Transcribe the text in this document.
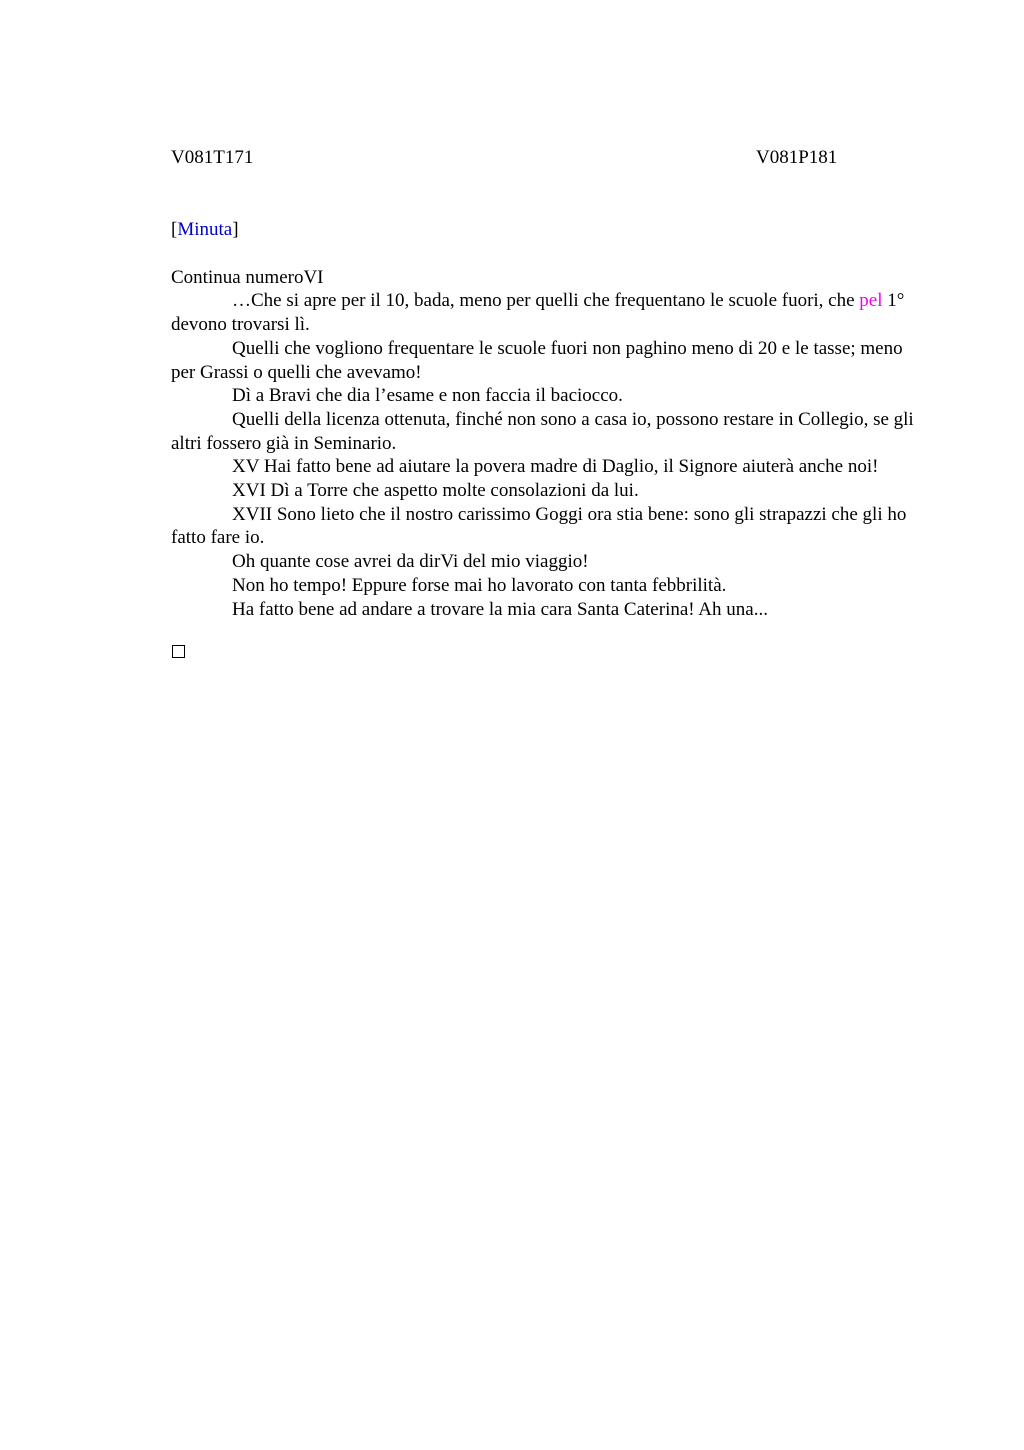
V081T171	V081P181
[Minuta]
Continua numeroVI
…Che si apre per il 10, bada, meno per quelli che frequentano le scuole fuori, che pel 1° devono trovarsi lì.
Quelli che vogliono frequentare le scuole fuori non paghino meno di 20 e le tasse; meno per Grassi o quelli che avevamo!
Dì a Bravi che dia l’esame e non faccia il baciocco.
Quelli della licenza ottenuta, finché non sono a casa io, possono restare in Collegio, se gli altri fossero già in Seminario.
XV Hai fatto bene ad aiutare la povera madre di Daglio, il Signore aiuterà anche noi!
XVI Dì a Torre che aspetto molte consolazioni da lui.
XVII Sono lieto che il nostro carissimo Goggi ora stia bene: sono gli strapazzi che gli ho fatto fare io.
Oh quante cose avrei da dirVi del mio viaggio!
Non ho tempo! Eppure forse mai ho lavorato con tanta febbrilità.
Ha fatto bene ad andare a trovare la mia cara Santa Caterina! Ah una...
